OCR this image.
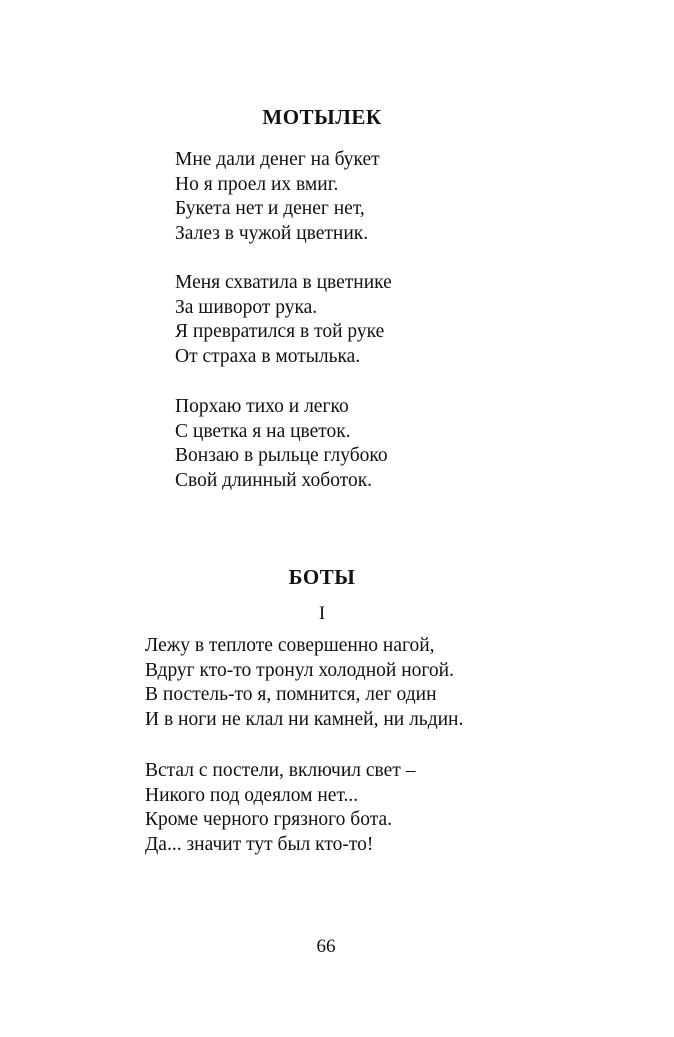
МОТЫЛЕК
Мне дали денег на букет
Но я проел их вмиг.
Букета нет и денег нет,
Залез в чужой цветник.
Меня схватила в цветнике
За шиворот рука.
Я превратился в той руке
От страха в мотылька.
Порхаю тихо и легко
С цветка я на цветок.
Вонзаю в рыльце глубоко
Свой длинный хоботок.
БОТЫ

I

Лежу в теплоте совершенно нагой,
Вдруг кто-то тронул холодной ногой.
В постель-то я, помнится, лег один
И в ноги не клал ни камней, ни льдин.
Встал с постели, включил свет –
Никого под одеялом нет...
Кроме черного грязного бота.
Да... значит тут был кто-то!

66
